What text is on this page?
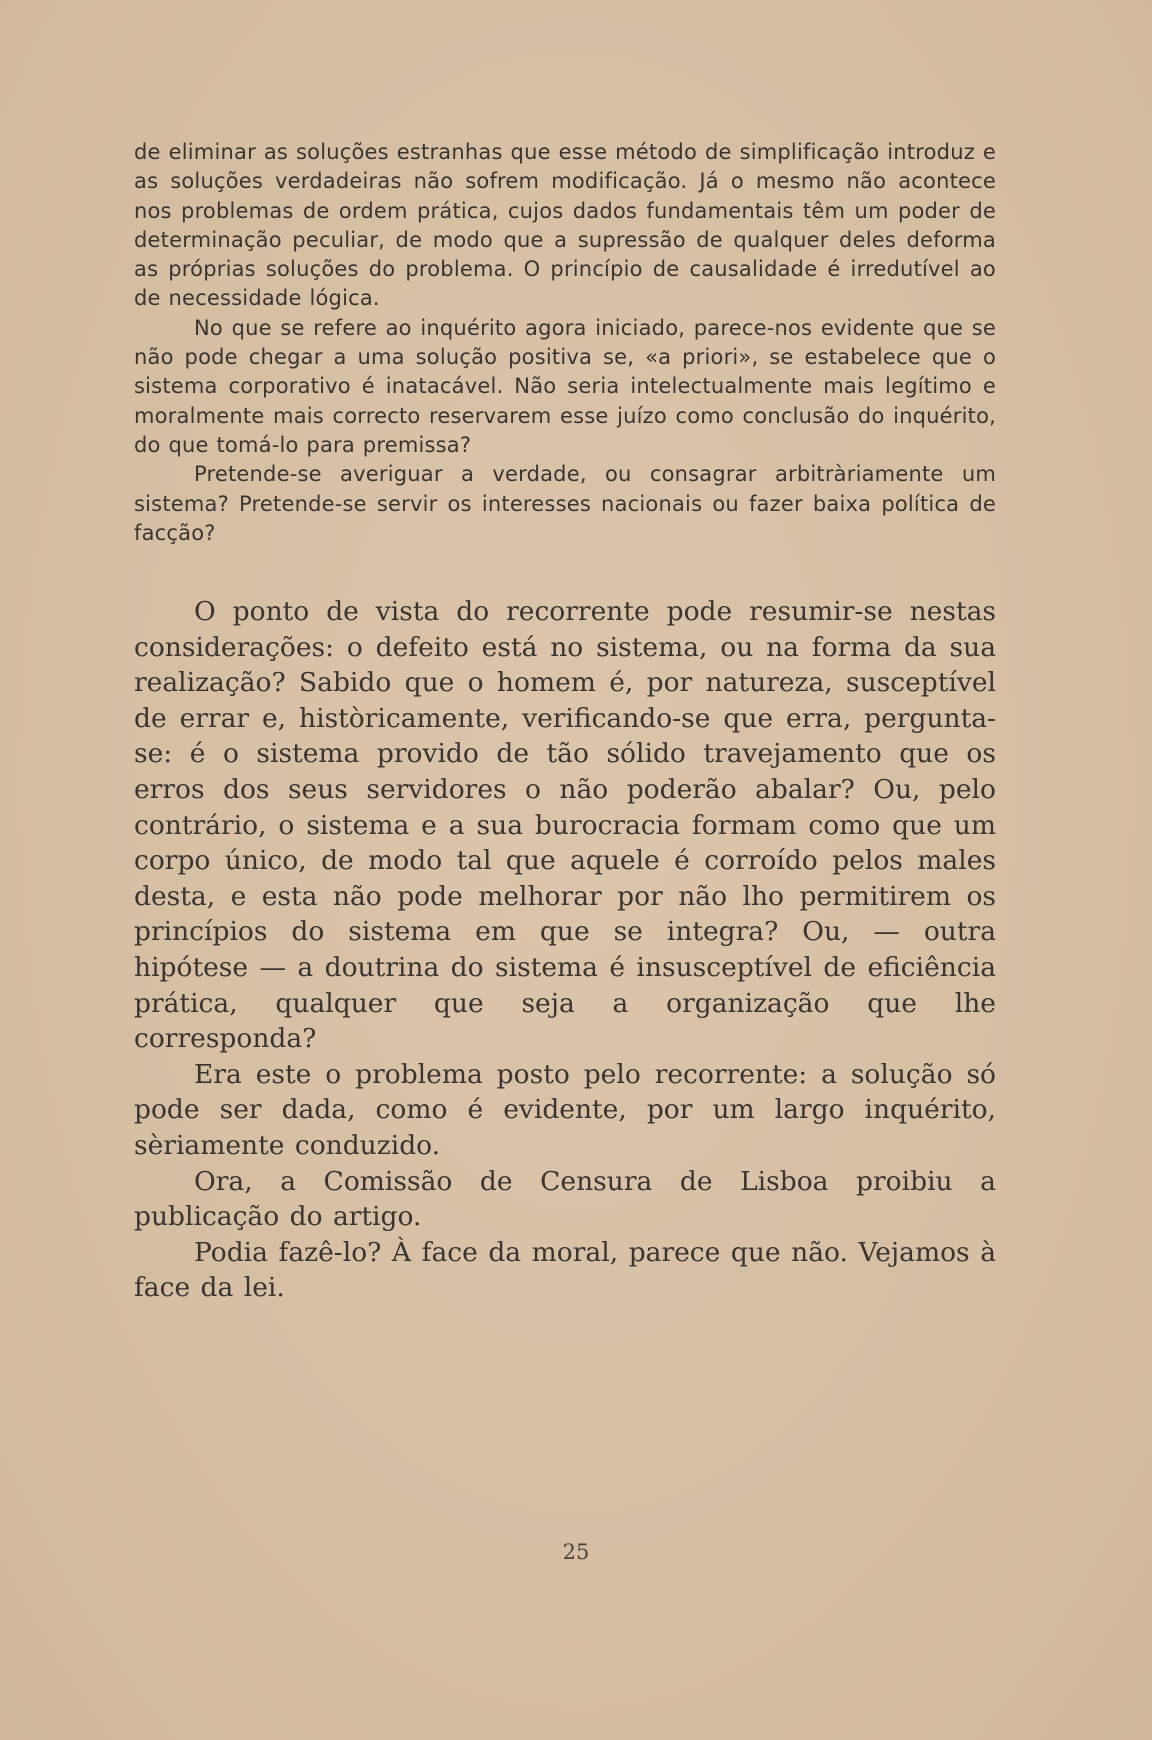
de eliminar as soluções estranhas que esse método de simplificação introduz e as soluções verdadeiras não sofrem modificação. Já o mesmo não acontece nos problemas de ordem prática, cujos dados fundamentais têm um poder de determinação peculiar, de modo que a supressão de qualquer deles deforma as próprias soluções do problema. O princípio de causalidade é irredutível ao de necessidade lógica.

No que se refere ao inquérito agora iniciado, parece-nos evidente que se não pode chegar a uma solução positiva se, «a priori», se estabelece que o sistema corporativo é inatacável. Não seria intelectualmente mais legítimo e moralmente mais correcto reservarem esse juízo como conclusão do inquérito, do que tomá-lo para premissa?

Pretende-se averiguar a verdade, ou consagrar arbitràriamente um sistema? Pretende-se servir os interesses nacionais ou fazer baixa política de facção?

O ponto de vista do recorrente pode resumir-se nestas considerações: o defeito está no sistema, ou na forma da sua realização? Sabido que o homem é, por natureza, susceptível de errar e, històricamente, verificando-se que erra, pergunta-se: é o sistema provido de tão sólido travejamento que os erros dos seus servidores o não poderão abalar? Ou, pelo contrário, o sistema e a sua burocracia formam como que um corpo único, de modo tal que aquele é corroído pelos males desta, e esta não pode melhorar por não lho permitirem os princípios do sistema em que se integra? Ou, — outra hipótese — a doutrina do sistema é insusceptível de eficiência prática, qualquer que seja a organização que lhe corresponda?

Era este o problema posto pelo recorrente: a solução só pode ser dada, como é evidente, por um largo inquérito, sèriamente conduzido.

Ora, a Comissão de Censura de Lisboa proibiu a publicação do artigo.

Podia fazê-lo? À face da moral, parece que não. Vejamos à face da lei.

25
